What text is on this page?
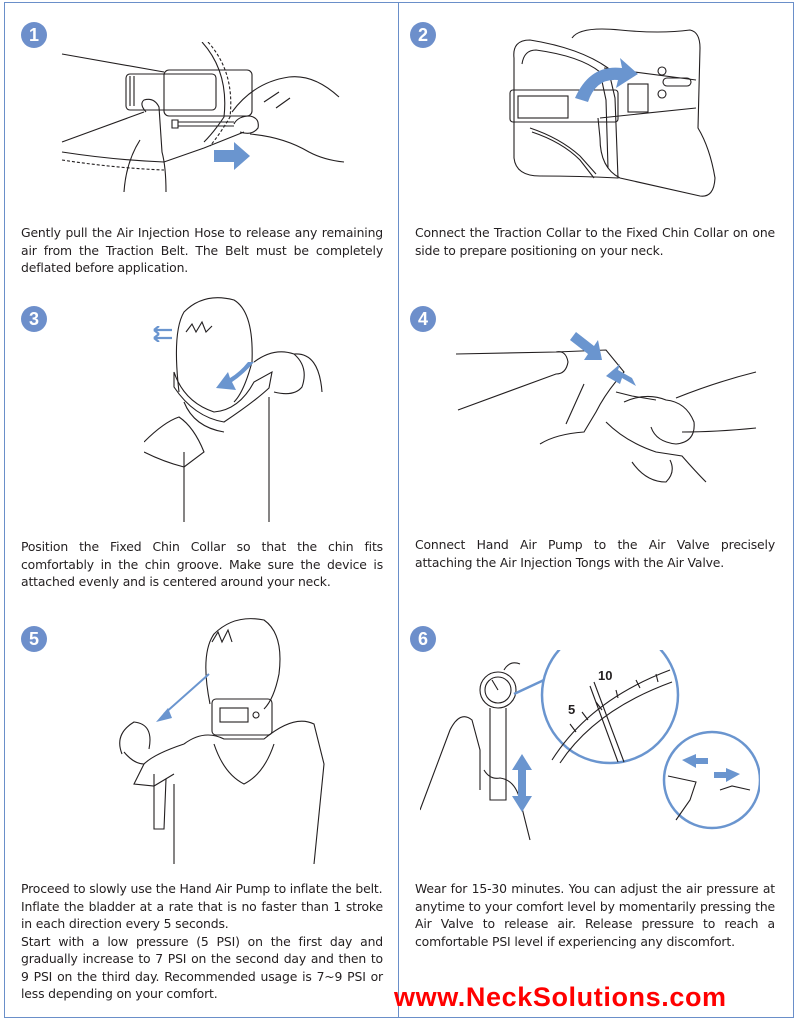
1
Gently pull the Air Injection Hose to release any remaining air from the Traction Belt. The Belt must be completely deflated before application.
2
Connect the Traction Collar to the Fixed Chin Collar on one side to prepare positioning on your neck.
3
Position the Fixed Chin Collar so that the chin fits comfortably in the chin groove. Make sure the device is attached evenly and is centered around your neck.
4
Connect Hand Air Pump to the Air Valve precisely attaching the Air Injection Tongs with the Air Valve.
5

Proceed to slowly use the Hand Air Pump to inflate the belt.

Inflate the bladder at a rate that is no faster than 1 stroke in each direction every 5 seconds.

Start with a low pressure (5 PSI) on the first day and gradually increase to 7 PSI on the second day and then to 9 PSI on the third day. Recommended usage is 7~9 PSI or less depending on your comfort.

6
5
10
Wear for 15-30 minutes. You can adjust the air pressure at anytime to your comfort level by momentarily pressing the Air Valve to release air. Release pressure to reach a comfortable PSI level if experiencing any discomfort.
www.NeckSolutions.com
